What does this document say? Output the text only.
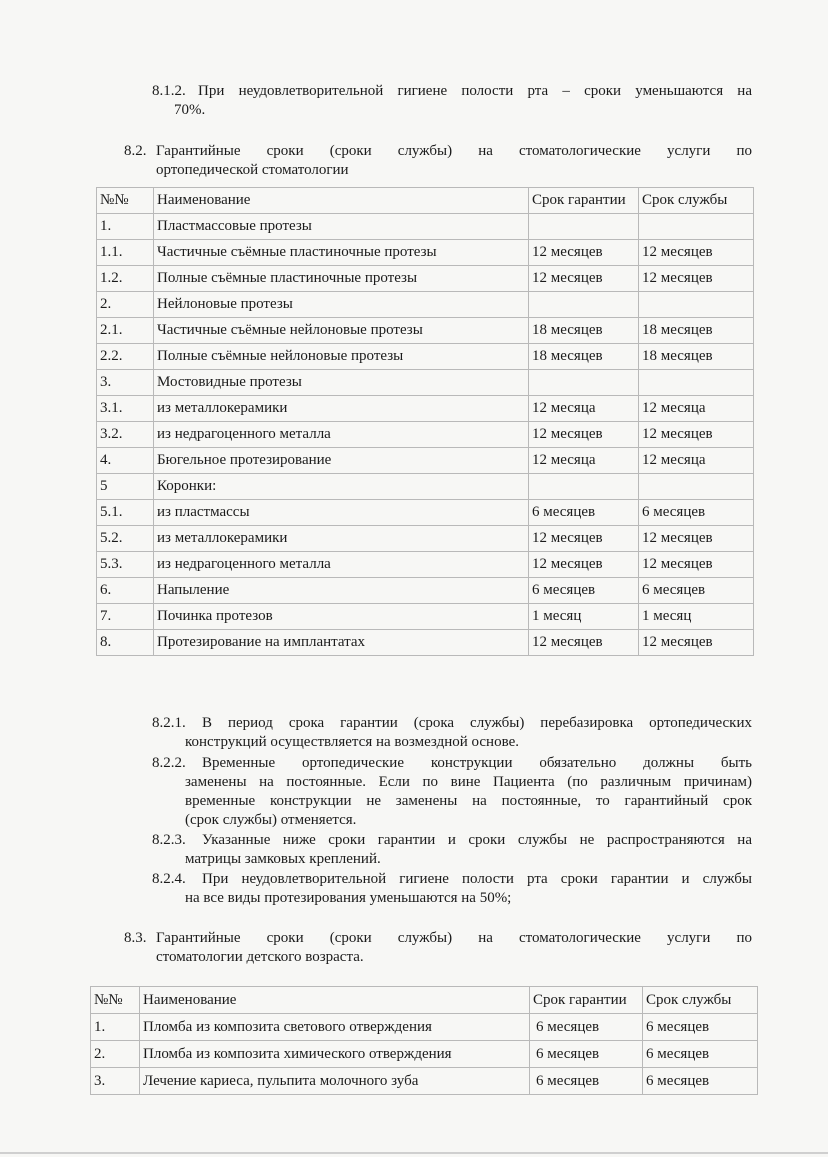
8.1.2. При неудовлетворительной гигиене полости рта – сроки уменьшаются на
70%.
8.2. Гарантийные сроки (сроки службы) на стоматологические услуги по
ортопедической стоматологии
№№	Наименование	Срок гарантии	Срок службы
1.	Пластмассовые протезы		
1.1.	Частичные съёмные пластиночные протезы	12 месяцев	12 месяцев
1.2.	Полные съёмные пластиночные протезы	12 месяцев	12 месяцев
2.	Нейлоновые протезы		
2.1.	Частичные съёмные нейлоновые протезы	18 месяцев	18 месяцев
2.2.	Полные съёмные нейлоновые протезы	18 месяцев	18 месяцев
3.	Мостовидные протезы		
3.1.	из металлокерамики	12 месяца	12 месяца
3.2.	из недрагоценного металла	12 месяцев	12 месяцев
4.	Бюгельное протезирование	12 месяца	12 месяца
5	Коронки:		
5.1.	из пластмассы	6 месяцев	6 месяцев
5.2.	из металлокерамики	12 месяцев	12 месяцев
5.3.	из недрагоценного металла	12 месяцев	12 месяцев
6.	Напыление	6 месяцев	6 месяцев
7.	Починка протезов	1 месяц	1 месяц
8.	Протезирование на имплантатах	12 месяцев	12 месяцев
8.2.1.	В период срока гарантии (срока службы) перебазировка ортопедических
конструкций осуществляется на возмездной основе.
8.2.2.	Временные ортопедические конструкции обязательно должны быть
заменены на постоянные. Если по вине Пациента (по различным причинам)
временные конструкции не заменены на постоянные, то гарантийный срок
(срок службы) отменяется.
8.2.3.	Указанные ниже сроки гарантии и сроки службы не распространяются на
матрицы замковых креплений.
8.2.4.	При неудовлетворительной гигиене полости рта сроки гарантии и службы
на все виды протезирования уменьшаются на 50%;
8.3. Гарантийные сроки (сроки службы) на стоматологические услуги по
стоматологии детского возраста.
№№	Наименование	Срок гарантии	Срок службы
1.	Пломба из композита светового отверждения	6 месяцев	6 месяцев
2.	Пломба из композита химического отверждения	6 месяцев	6 месяцев
3.	Лечение кариеса, пульпита молочного зуба	6 месяцев	6 месяцев
